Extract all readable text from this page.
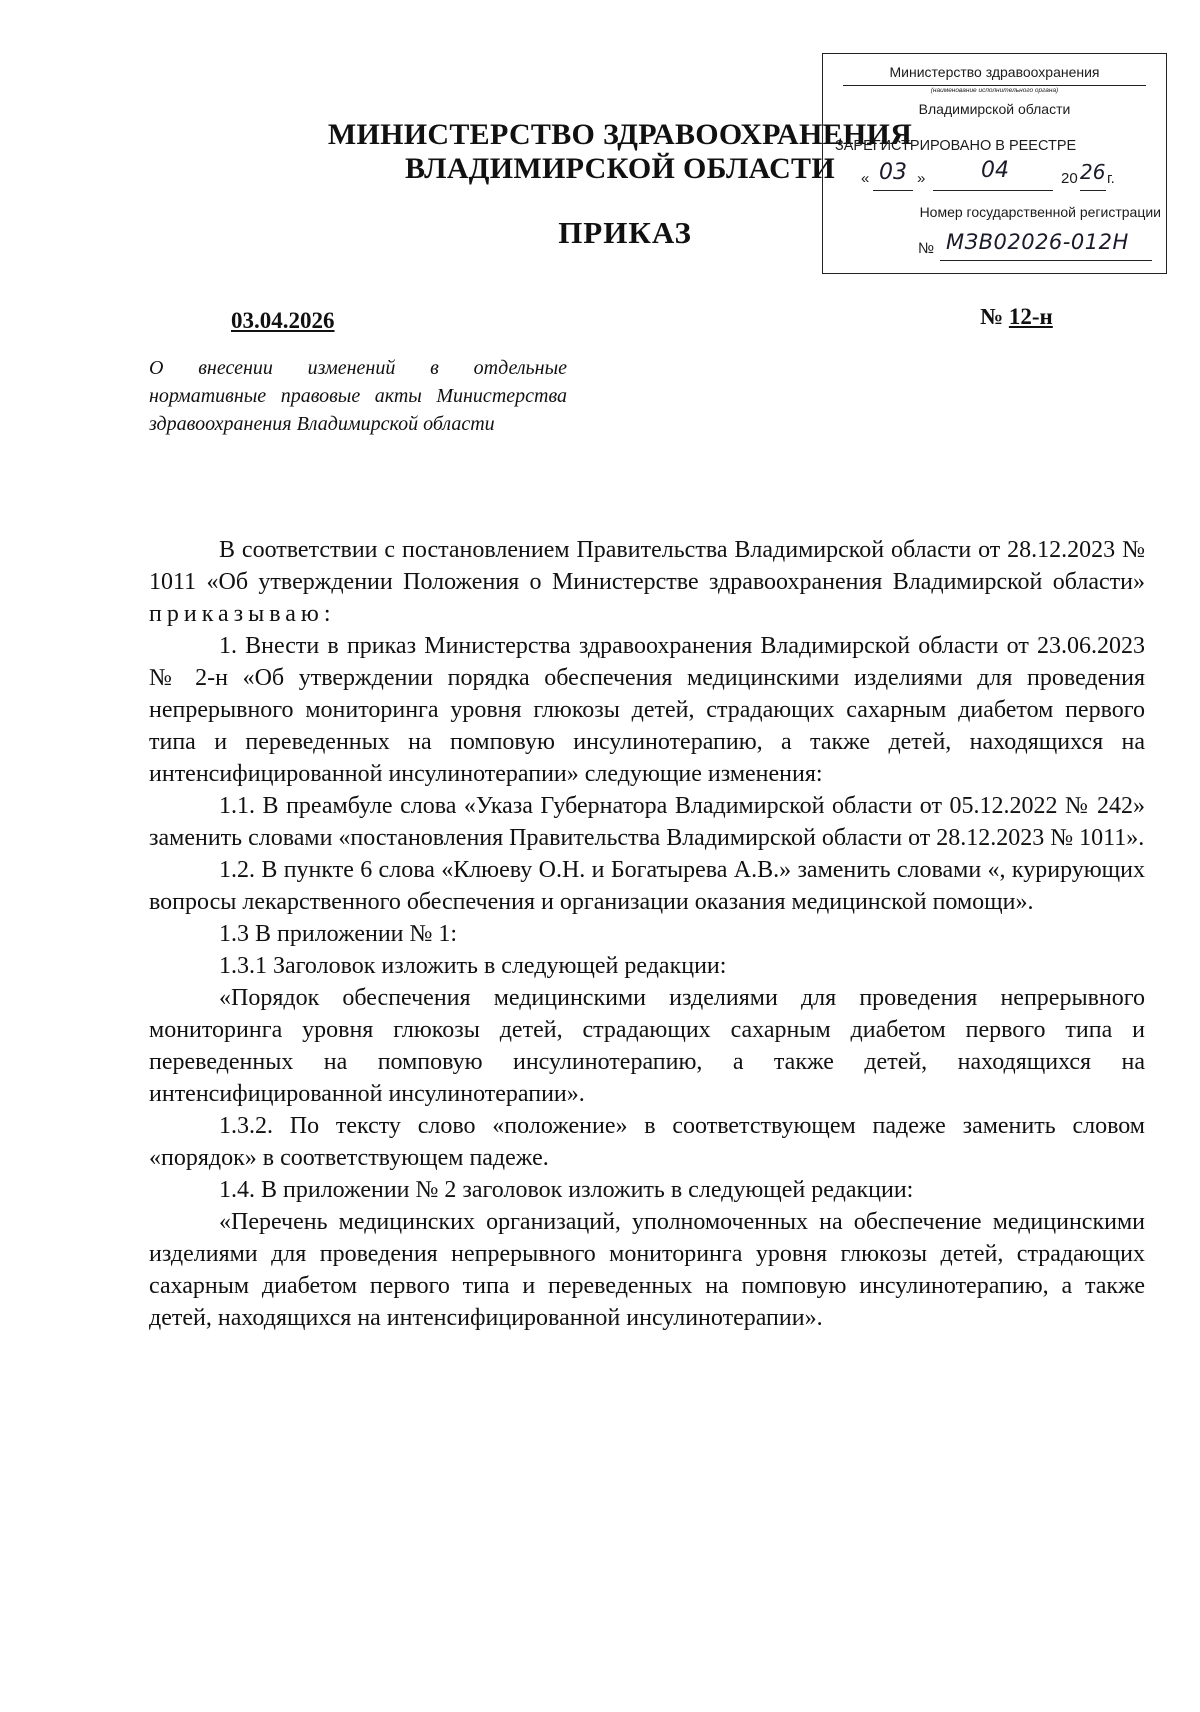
МИНИСТЕРСТВО ЗДРАВООХРАНЕНИЯ
ВЛАДИМИРСКОЙ ОБЛАСТИ
ПРИКАЗ
Министерство здравоохранения
(наименование исполнительного органа)
Владимирской области
ЗАРЕГИСТРИРОВАНО В РЕЕСТРЕ
« 03 »	04	20 26 г.
Номер государственной регистрации
№ МЗВ02026-012Н
03.04.2026	№ 12-н
О внесении изменений в отдельные нормативные правовые акты Министерства здравоохранения Владимирской области

В соответствии с постановлением Правительства Владимирской области от 28.12.2023 № 1011 «Об утверждении Положения о Министерстве здравоохранения Владимирской области» приказываю:

1. Внести в приказ Министерства здравоохранения Владимирской области от 23.06.2023 № 2-н «Об утверждении порядка обеспечения медицинскими изделиями для проведения непрерывного мониторинга уровня глюкозы детей, страдающих сахарным диабетом первого типа и переведенных на помповую инсулинотерапию, а также детей, находящихся на интенсифицированной инсулинотерапии» следующие изменения:

1.1. В преамбуле слова «Указа Губернатора Владимирской области от 05.12.2022 № 242» заменить словами «постановления Правительства Владимирской области от 28.12.2023 № 1011».

1.2. В пункте 6 слова «Клюеву О.Н. и Богатырева А.В.» заменить словами «, курирующих вопросы лекарственного обеспечения и организации оказания медицинской помощи».

1.3 В приложении № 1:

1.3.1 Заголовок изложить в следующей редакции:

«Порядок обеспечения медицинскими изделиями для проведения непрерывного мониторинга уровня глюкозы детей, страдающих сахарным диабетом первого типа и переведенных на помповую инсулинотерапию, а также детей, находящихся на интенсифицированной инсулинотерапии».

1.3.2. По тексту слово «положение» в соответствующем падеже заменить словом «порядок» в соответствующем падеже.

1.4. В приложении № 2 заголовок изложить в следующей редакции:

«Перечень медицинских организаций, уполномоченных на обеспечение медицинскими изделиями для проведения непрерывного мониторинга уровня глюкозы детей, страдающих сахарным диабетом первого типа и переведенных на помповую инсулинотерапию, а также детей, находящихся на интенсифицированной инсулинотерапии».
